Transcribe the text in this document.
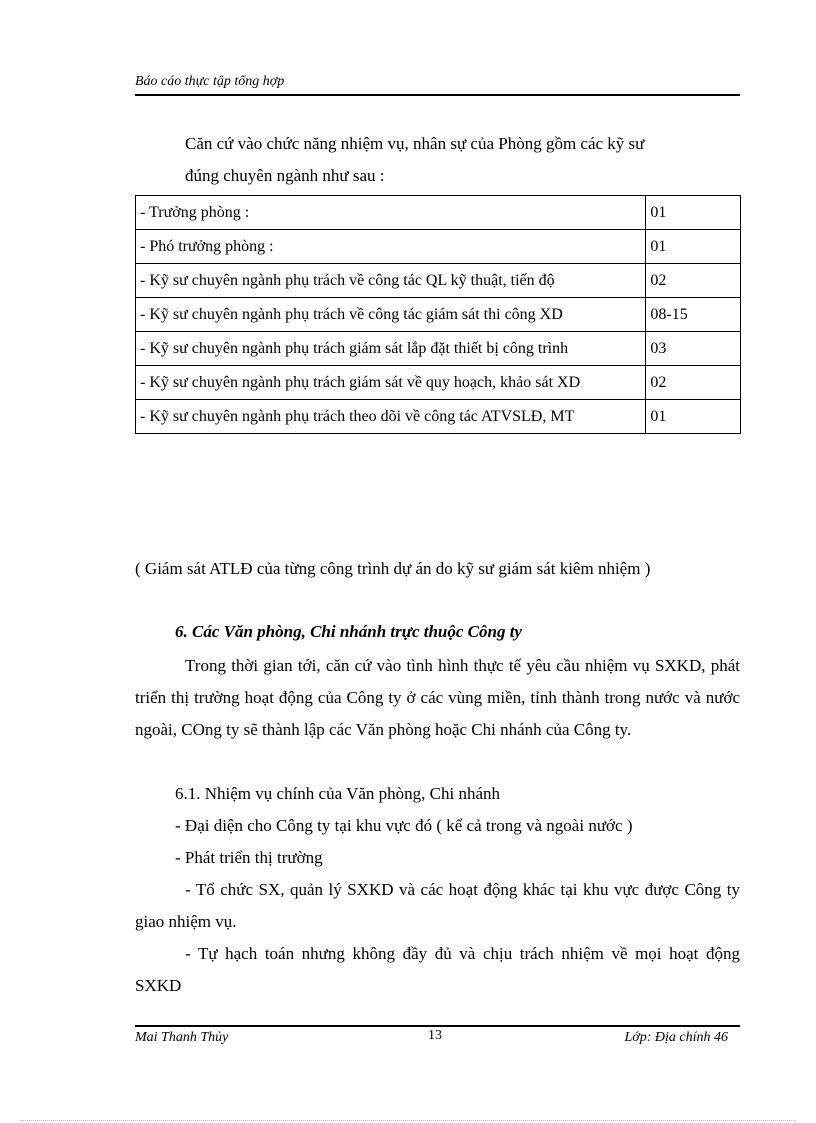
Báo cáo thực tập tổng hợp

Căn cứ vào chức năng nhiệm vụ, nhân sự của Phòng gồm các kỹ sư
đúng chuyên ngành như sau :

- Trưởng phòng :	01
- Phó trưởng phòng :	01
- Kỹ sư chuyên ngành phụ trách về công tác QL kỹ thuật, tiến độ	02
- Kỹ sư chuyên ngành phụ trách về công tác giám sát thi công XD	08-15
- Kỹ sư chuyên ngành phụ trách giám sát lắp đặt thiết bị công trình	03
- Kỹ sư chuyên ngành phụ trách giám sát về quy hoạch, khảo sát XD	02
- Kỹ sư chuyên ngành phụ trách theo dõi về công tác ATVSLĐ, MT	01
( Giám sát ATLĐ của từng công trình dự án do kỹ sư giám sát kiêm nhiệm )
6. Các Văn phòng, Chi nhánh trực thuộc Công ty

Trong thời gian tới, căn cứ vào tình hình thực tế yêu cầu nhiệm vụ SXKD, phát triển thị trường hoạt động của Công ty ở các vùng miền, tỉnh thành trong nước và nước ngoài, COng ty sẽ thành lập các Văn phòng hoặc Chi nhánh của Công ty.

6.1. Nhiệm vụ chính của Văn phòng, Chi nhánh

- Đại diện cho Công ty tại khu vực đó ( kể cả trong và ngoài nước )

- Phát triển thị trường

- Tổ chức SX, quản lý SXKD và các hoạt động khác tại khu vực được Công ty giao nhiệm vụ.

- Tự hạch toán nhưng không đầy đủ và chịu trách nhiệm về mọi hoạt động SXKD

Mai Thanh Thủy	13	Lớp: Địa chính 46
